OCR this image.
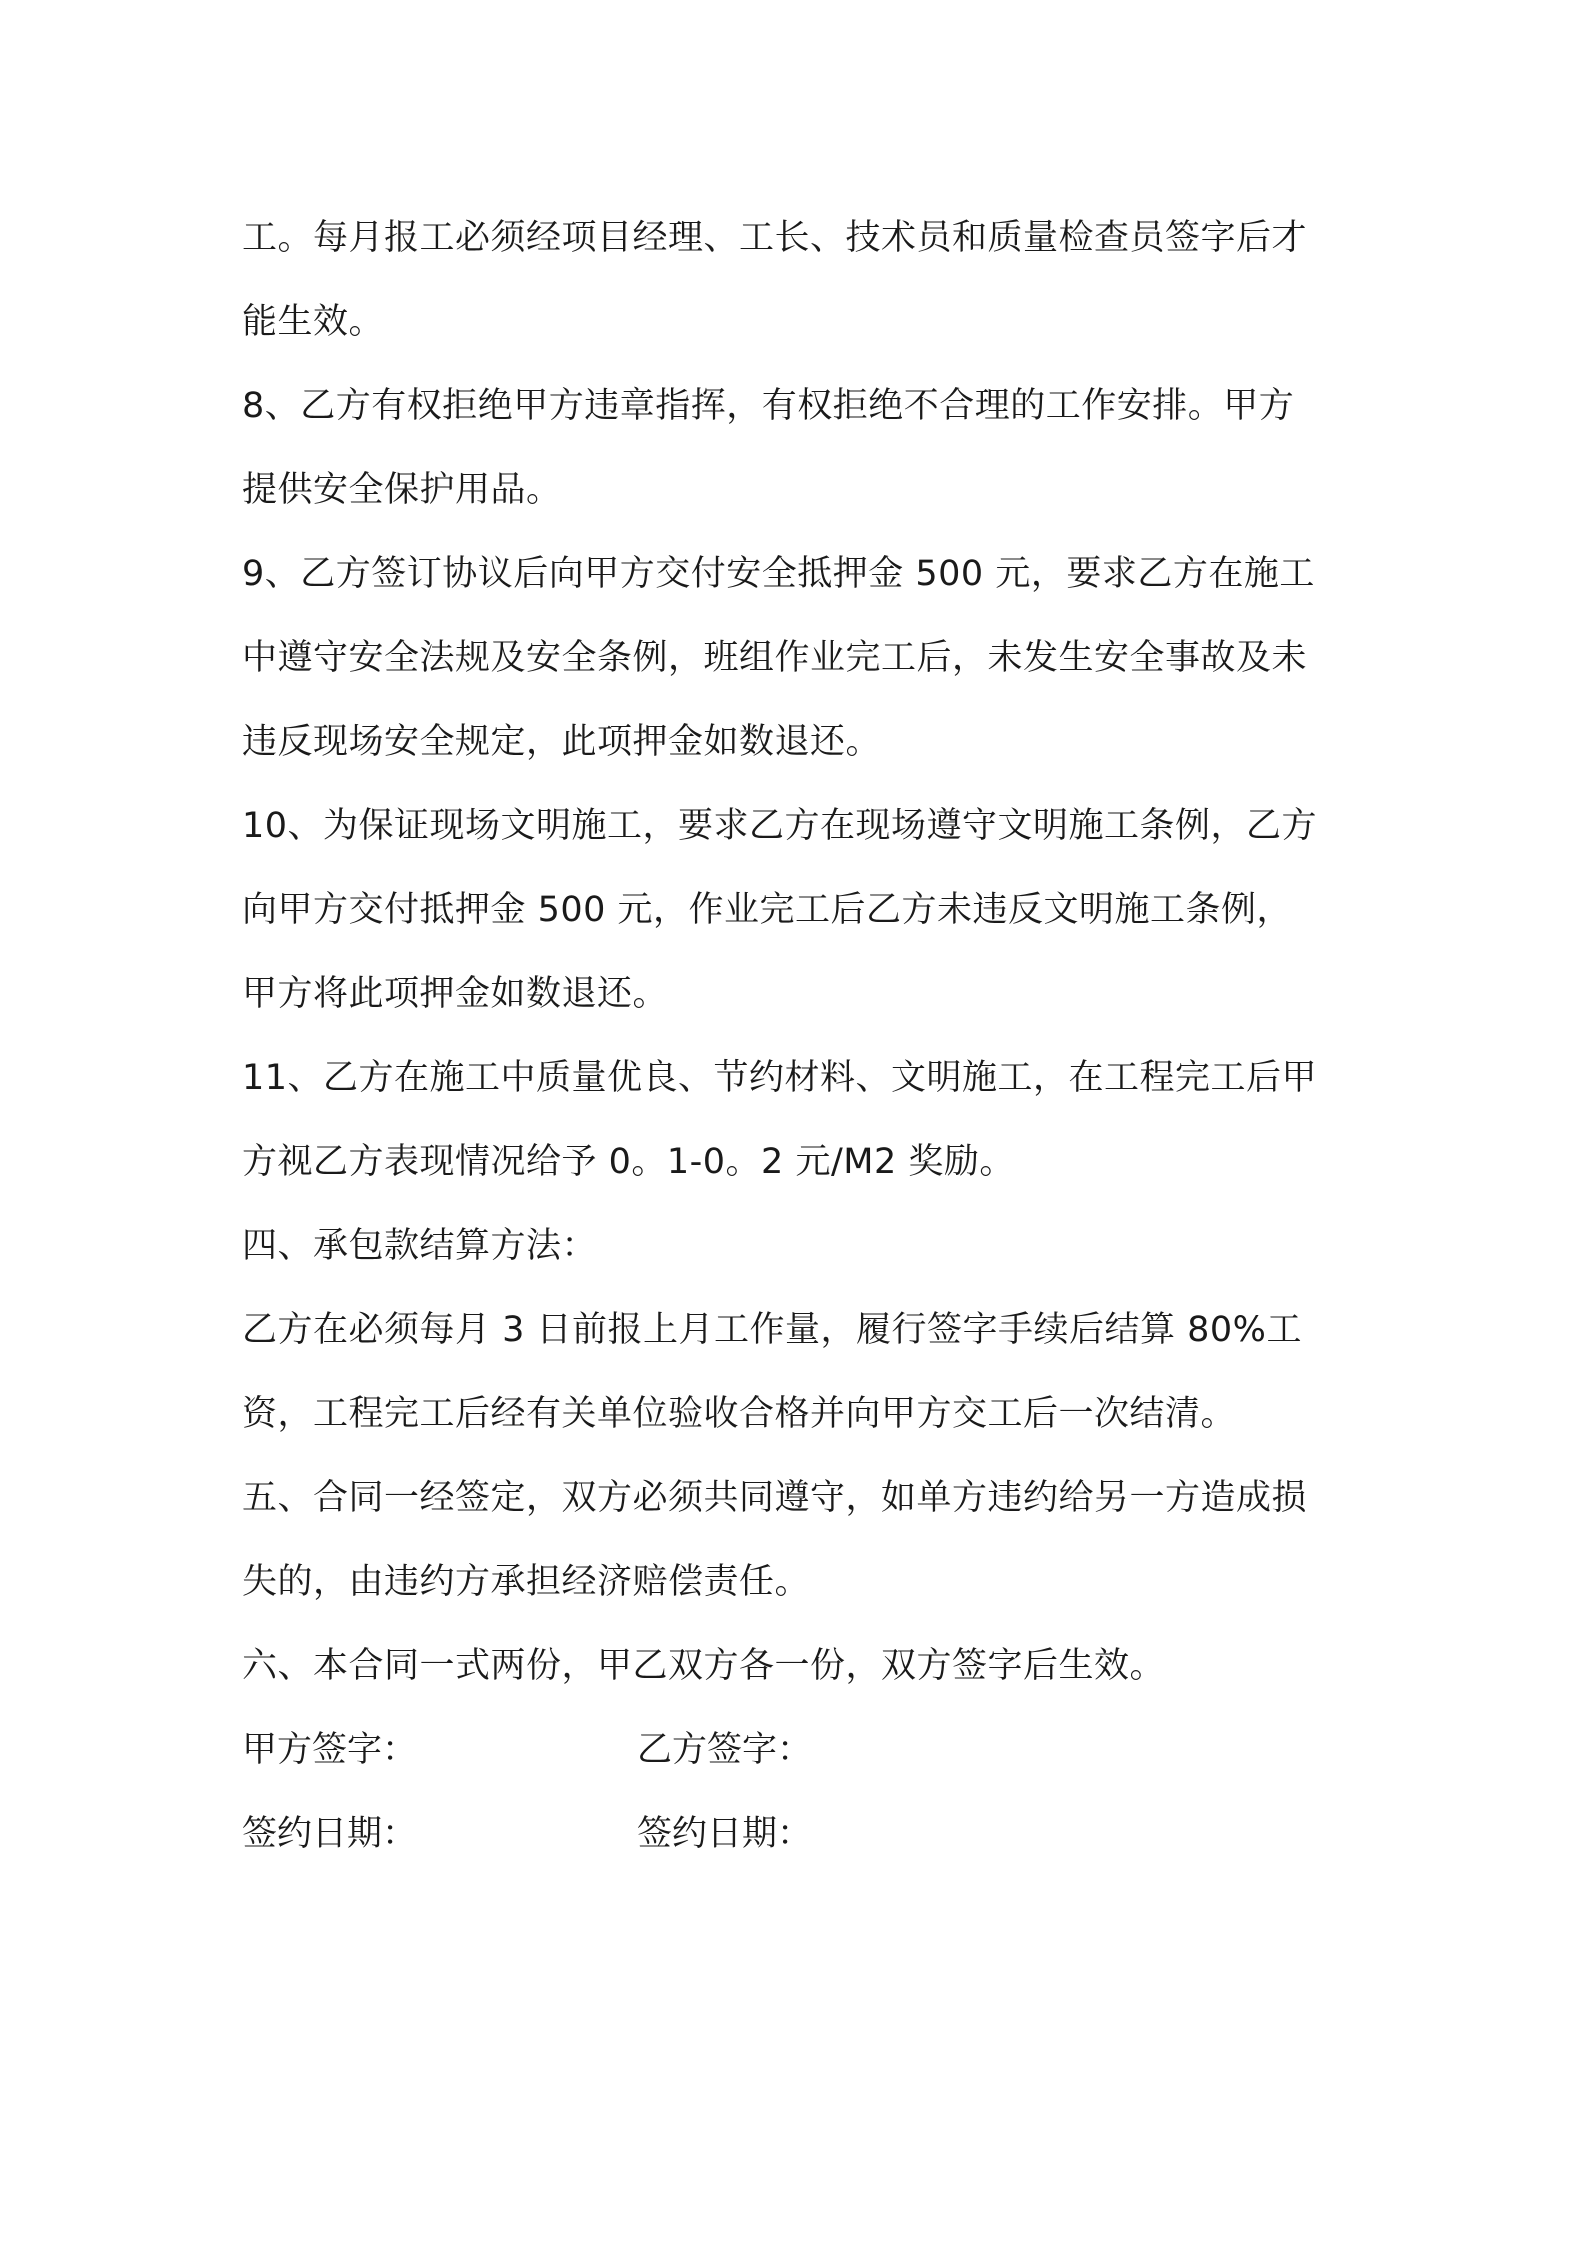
工。每月报工必须经项目经理、工长、技术员和质量检查员签字后才
能生效。
8、乙方有权拒绝甲方违章指挥，有权拒绝不合理的工作安排。甲方
提供安全保护用品。
9、乙方签订协议后向甲方交付安全抵押金 500 元，要求乙方在施工
中遵守安全法规及安全条例，班组作业完工后，未发生安全事故及未
违反现场安全规定，此项押金如数退还。
10、为保证现场文明施工，要求乙方在现场遵守文明施工条例，乙方
向甲方交付抵押金 500 元，作业完工后乙方未违反文明施工条例，
甲方将此项押金如数退还。
11、乙方在施工中质量优良、节约材料、文明施工，在工程完工后甲
方视乙方表现情况给予 0。1-0。2 元/M2 奖励。
四、承包款结算方法：
乙方在必须每月 3 日前报上月工作量，履行签字手续后结算 80%工
资，工程完工后经有关单位验收合格并向甲方交工后一次结清。
五、合同一经签定，双方必须共同遵守，如单方违约给另一方造成损
失的，由违约方承担经济赔偿责任。
六、本合同一式两份，甲乙双方各一份，双方签字后生效。
甲方签字：	乙方签字：
签约日期：	签约日期：
